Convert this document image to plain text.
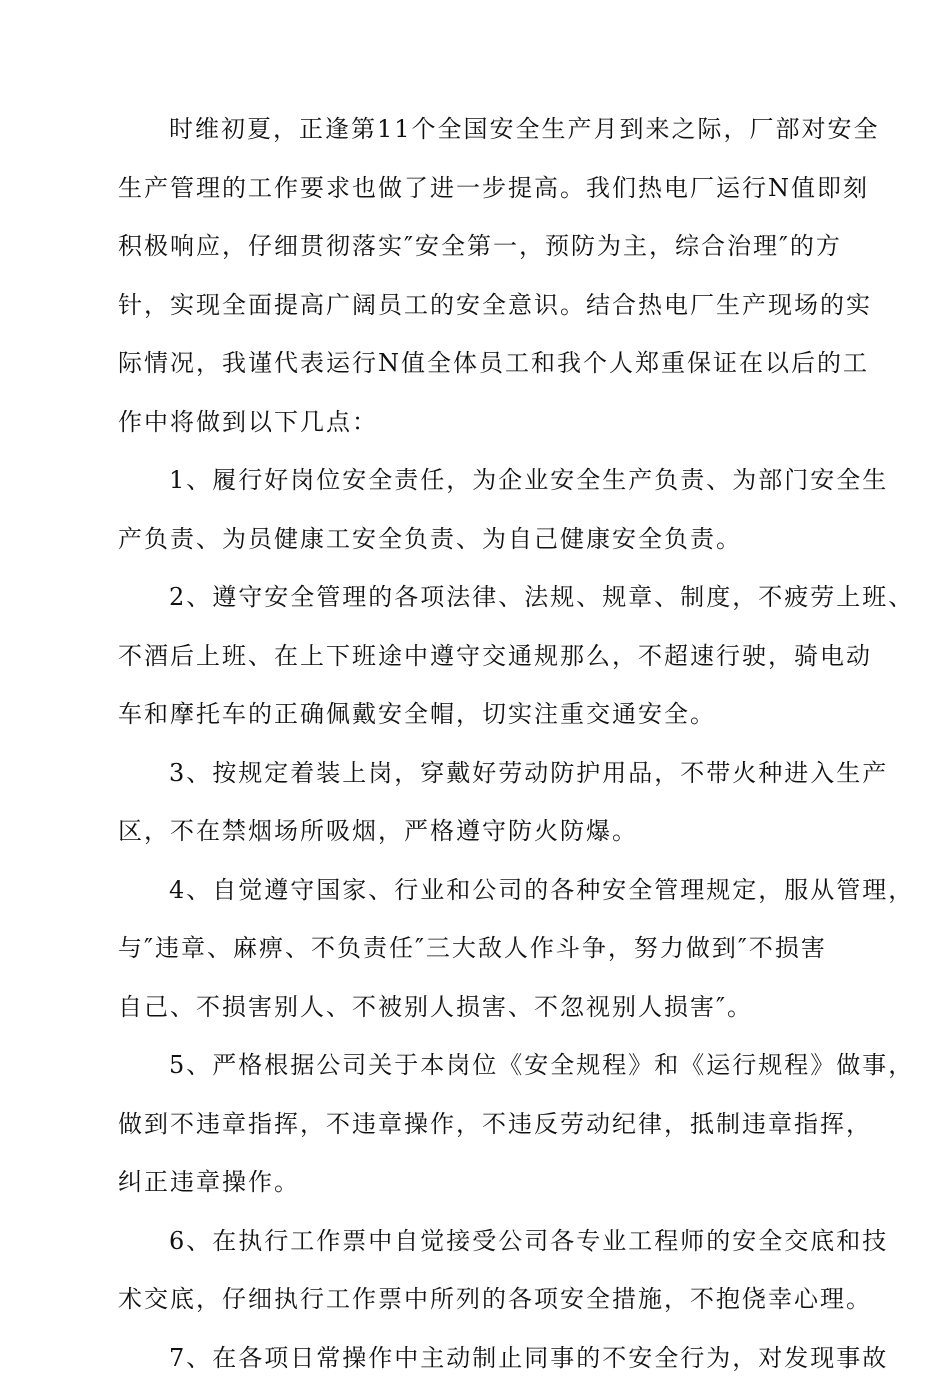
时维初夏，正逢第11个全国安全生产月到来之际，厂部对安全
生产管理的工作要求也做了进一步提高。我们热电厂运行N值即刻
积极响应，仔细贯彻落实″安全第一，预防为主，综合治理″的方
针，实现全面提高广阔员工的安全意识。结合热电厂生产现场的实
际情况，我谨代表运行N值全体员工和我个人郑重保证在以后的工
作中将做到以下几点：
1、履行好岗位安全责任，为企业安全生产负责、为部门安全生
产负责、为员健康工安全负责、为自己健康安全负责。
2、遵守安全管理的各项法律、法规、规章、制度，不疲劳上班、
不酒后上班、在上下班途中遵守交通规那么，不超速行驶，骑电动
车和摩托车的正确佩戴安全帽，切实注重交通安全。
3、按规定着装上岗，穿戴好劳动防护用品，不带火种进入生产
区，不在禁烟场所吸烟，严格遵守防火防爆。
4、自觉遵守国家、行业和公司的各种安全管理规定，服从管理，
与″违章、麻痹、不负责任″三大敌人作斗争，努力做到″不损害
自己、不损害别人、不被别人损害、不忽视别人损害″。
5、严格根据公司关于本岗位《安全规程》和《运行规程》做事，
做到不违章指挥，不违章操作，不违反劳动纪律，抵制违章指挥，
纠正违章操作。
6、在执行工作票中自觉接受公司各专业工程师的安全交底和技
术交底，仔细执行工作票中所列的各项安全措施，不抱侥幸心理。
7、在各项日常操作中主动制止同事的不安全行为，对发现事故
